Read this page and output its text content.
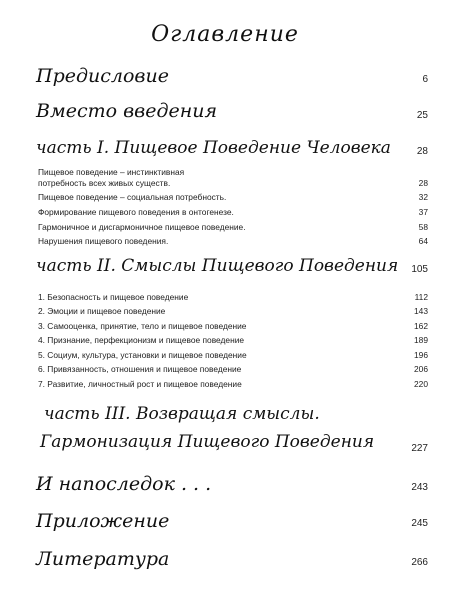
Оглавление
Предисловие	6
Вместо введения	25
часть I. Пищевое Поведение Человека	28
Пищевое поведение – инстинктивная
потребность всех живых существ.	28
Пищевое поведение – социальная потребность.	32
Формирование пищевого поведения в онтогенезе.	37
Гармоничное и дисгармоничное пищевое поведение.	58
Нарушения пищевого поведения.	64
часть II. Смыслы Пищевого Поведения	105
1. Безопасность и пищевое поведение	112
2. Эмоции и пищевое поведение	143
3. Самооценка, принятие, тело и пищевое поведение	162
4. Признание, перфекционизм и пищевое поведение	189
5. Социум, культура, установки и пищевое поведение	196
6. Привязанность, отношения и пищевое поведение	206
7. Развитие, личностный рост и пищевое поведение	220
часть III. Возвращая смыслы.
Гармонизация Пищевого Поведения	227
И напоследок . . .	243
Приложение	245
Литература	266
